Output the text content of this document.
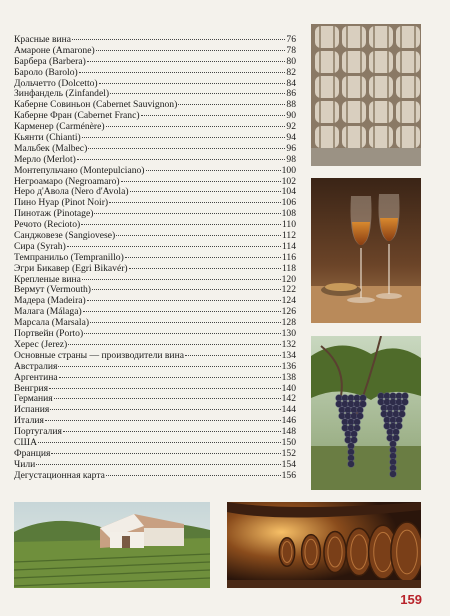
Красные вина	76
Амароне (Amarone)	78
Барбера (Barbera)	80
Бароло (Barolo)	82
Дольчетто (Dolcetto)	84
Зинфандель (Zinfandel)	86
Каберне Совиньон (Cabernet Sauvignon)	88
Каберне Фран (Cabernet Franc)	90
Карменер (Carménère)	92
Кьянти (Chianti)	94
Мальбек (Malbec)	96
Мерло (Merlot)	98
Монтепульчано (Montepulciano)	100
Негроамаро (Negroamaro)	102
Неро д'Авола (Nero d'Avola)	104
Пино Нуар (Pinot Noir)	106
Пинотаж (Pinotage)	108
Речото (Recioto)	110
Санджовезе (Sangiovese)	112
Сира (Syrah)	114
Темпранильо (Tempranillo)	116
Эгри Бикавер (Egri Bikavér)	118
Крепленые вина	120
Вермут (Vermouth)	122
Мадера (Madeira)	124
Малага (Málaga)	126
Марсала (Marsala)	128
Портвейн (Porto)	130
Херес (Jerez)	132
Основные страны — производители вина	134
Австралия	136
Аргентина	138
Венгрия	140
Германия	142
Испания	144
Италия	146
Португалия	148
США	150
Франция	152
Чили	154
Дегустационная карта	156
159
